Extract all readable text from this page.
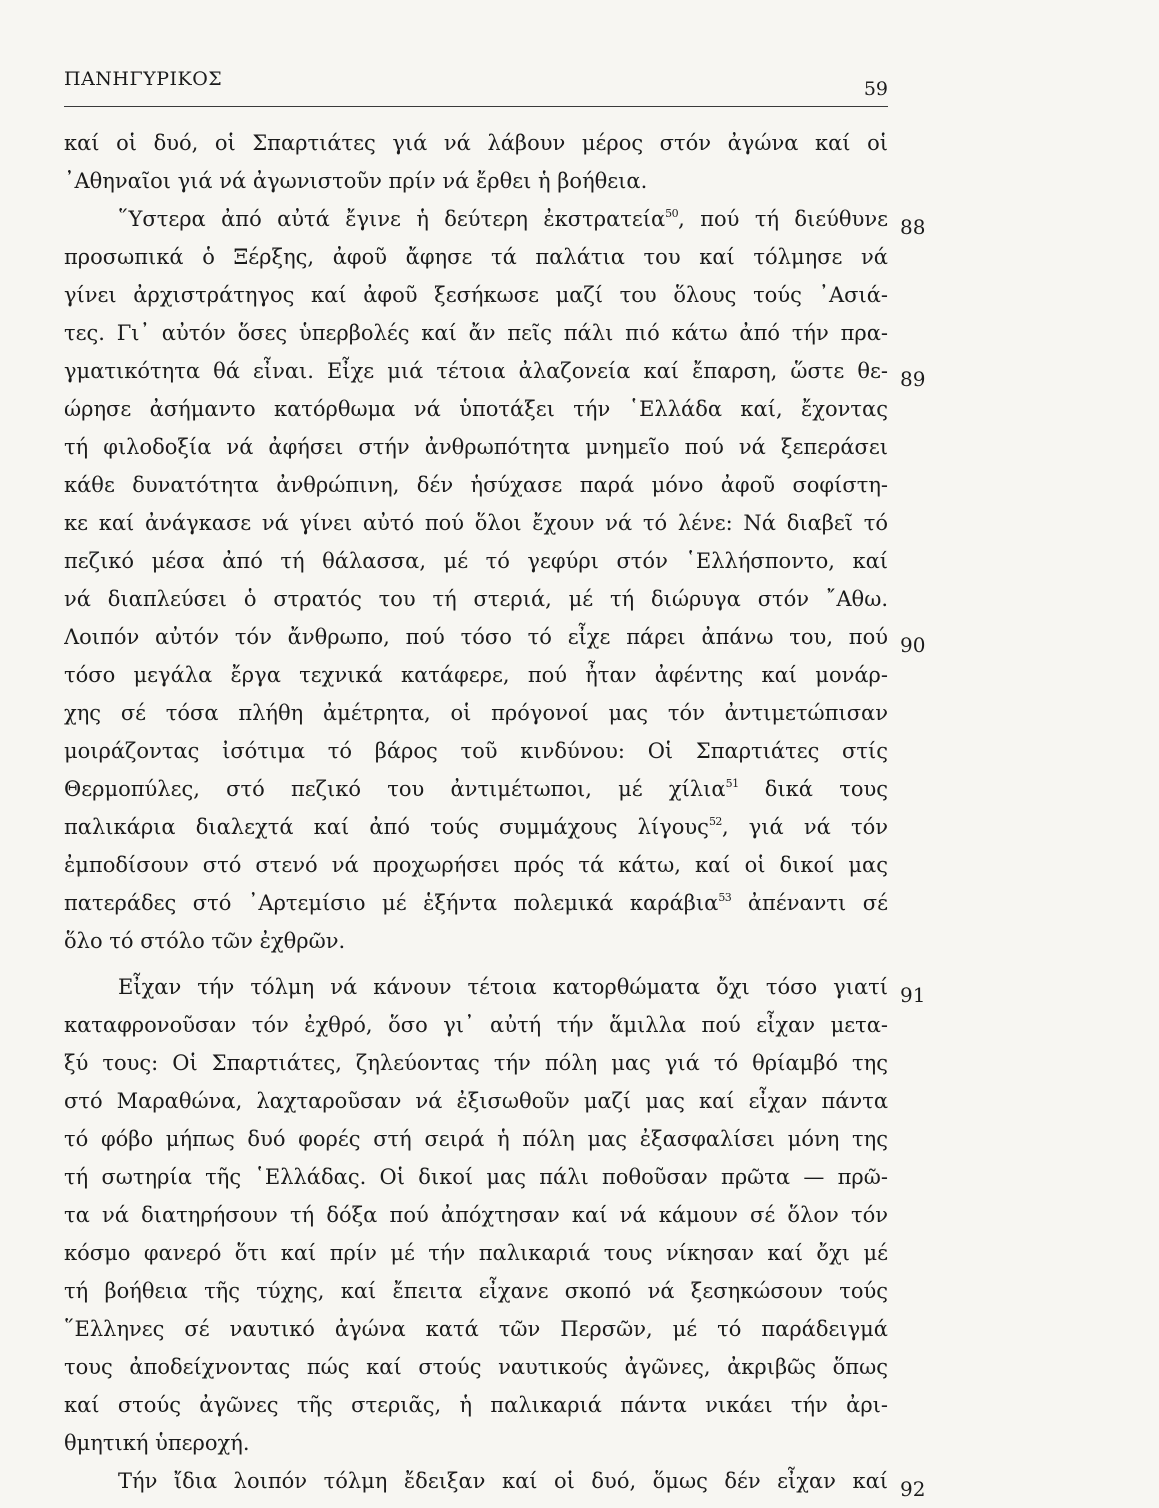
ΠΑΝΗΓΥΡΙΚΟΣ	59
καί οἱ δυό, οἱ Σπαρτιάτες γιά νά λάβουν μέρος στόν ἀγώνα καί οἱ
᾿Αθηναῖοι γιά νά ἀγωνιστοῦν πρίν νά ἔρθει ἡ βοήθεια.
῞Υστερα ἀπό αὐτά ἔγινε ἡ δεύτερη ἐκστρατεία$^{50}$, πού τή διεύθυνε
προσωπικά ὁ Ξέρξης, ἀφοῦ ἄφησε τά παλάτια του καί τόλμησε νά
γίνει ἀρχιστράτηγος καί ἀφοῦ ξεσήκωσε μαζί του ὅλους τούς ᾿Ασιά-
τες. Γι᾿ αὐτόν ὅσες ὑπερβολές καί ἄν πεῖς πάλι πιό κάτω ἀπό τήν πρα-
γματικότητα θά εἶναι. Εἶχε μιά τέτοια ἀλαζονεία καί ἔπαρση, ὥστε θε-
ώρησε ἀσήμαντο κατόρθωμα νά ὑποτάξει τήν ῾Ελλάδα καί, ἔχοντας
τή φιλοδοξία νά ἀφήσει στήν ἀνθρωπότητα μνημεῖο πού νά ξεπεράσει
κάθε δυνατότητα ἀνθρώπινη, δέν ἡσύχασε παρά μόνο ἀφοῦ σοφίστη-
κε καί ἀνάγκασε νά γίνει αὐτό πού ὅλοι ἔχουν νά τό λένε: Νά διαβεῖ τό
πεζικό μέσα ἀπό τή θάλασσα, μέ τό γεφύρι στόν ῾Ελλήσποντο, καί
νά διαπλεύσει ὁ στρατός του τή στεριά, μέ τή διώρυγα στόν ῎Αθω.
Λοιπόν αὐτόν τόν ἄνθρωπο, πού τόσο τό εἶχε πάρει ἀπάνω του, πού
τόσο μεγάλα ἔργα τεχνικά κατάφερε, πού ἦταν ἀφέντης καί μονάρ-
χης σέ τόσα πλήθη ἀμέτρητα, οἱ πρόγονοί μας τόν ἀντιμετώπισαν
μοιράζοντας ἰσότιμα τό βάρος τοῦ κινδύνου: Οἱ Σπαρτιάτες στίς
Θερμοπύλες, στό πεζικό του ἀντιμέτωποι, μέ χίλια$^{51}$ δικά τους
παλικάρια διαλεχτά καί ἀπό τούς συμμάχους λίγους$^{52}$, γιά νά τόν
ἐμποδίσουν στό στενό νά προχωρήσει πρός τά κάτω, καί οἱ δικοί μας
πατεράδες στό ᾿Αρτεμίσιο μέ ἑξήντα πολεμικά καράβια$^{53}$ ἀπέναντι σέ
ὅλο τό στόλο τῶν ἐχθρῶν.
Εἶχαν τήν τόλμη νά κάνουν τέτοια κατορθώματα ὄχι τόσο γιατί
καταφρονοῦσαν τόν ἐχθρό, ὅσο γι᾿ αὐτή τήν ἅμιλλα πού εἶχαν μετα-
ξύ τους: Οἱ Σπαρτιάτες, ζηλεύοντας τήν πόλη μας γιά τό θρίαμβό της
στό Μαραθώνα, λαχταροῦσαν νά ἐξισωθοῦν μαζί μας καί εἶχαν πάντα
τό φόβο μήπως δυό φορές στή σειρά ἡ πόλη μας ἐξασφαλίσει μόνη της
τή σωτηρία τῆς ῾Ελλάδας. Οἱ δικοί μας πάλι ποθοῦσαν πρῶτα — πρῶ-
τα νά διατηρήσουν τή δόξα πού ἀπόχτησαν καί νά κάμουν σέ ὅλον τόν
κόσμο φανερό ὅτι καί πρίν μέ τήν παλικαριά τους νίκησαν καί ὄχι μέ
τή βοήθεια τῆς τύχης, καί ἔπειτα εἶχανε σκοπό νά ξεσηκώσουν τούς
῞Ελληνες σέ ναυτικό ἀγώνα κατά τῶν Περσῶν, μέ τό παράδειγμά
τους ἀποδείχνοντας πώς καί στούς ναυτικούς ἀγῶνες, ἀκριβῶς ὅπως
καί στούς ἀγῶνες τῆς στεριᾶς, ἡ παλικαριά πάντα νικάει τήν ἀρι-
θμητική ὑπεροχή.
Τήν ἴδια λοιπόν τόλμη ἔδειξαν καί οἱ δυό, ὅμως δέν εἶχαν καί
88
89
90
91
92
